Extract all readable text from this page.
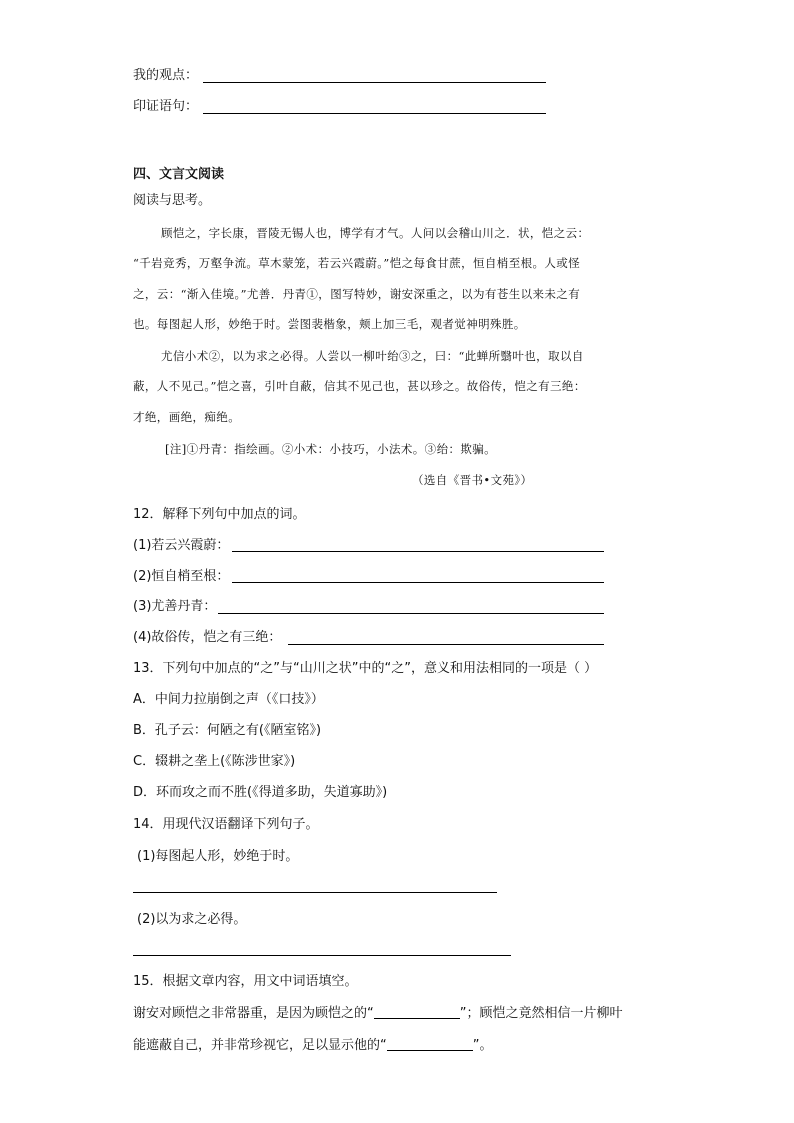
我的观点：
印证语句：
四、文言文阅读
阅读与思考。
顾恺之，字长康，晋陵无锡人也，博学有才气。人问以会稽山川之．状，恺之云：
“千岩竞秀，万壑争流。草木蒙笼，若云兴霞蔚。”恺之每食甘蔗，恒自梢至根。人或怪
之，云：“渐入佳境。”尤善．丹青①，图写特妙，谢安深重之，以为有苍生以来未之有
也。每图起人形，妙绝于时。尝图裴楷象，颊上加三毛，观者觉神明殊胜。
尤信小术②，以为求之必得。人尝以一柳叶绐③之，曰：“此蝉所翳叶也，取以自
蔽，人不见己。”恺之喜，引叶自蔽，信其不见己也，甚以珍之。故俗传，恺之有三绝：
才绝，画绝，痴绝。
[注]①丹青：指绘画。②小术：小技巧，小法术。③绐：欺骗。
（选自《晋书•文苑》）
12．解释下列句中加点的词。
(1)若云兴霞蔚：
(2)恒自梢至根：
(3)尤善丹青：
(4)故俗传，恺之有三绝：
13．下列句中加点的“之”与“山川之状”中的“之”，意义和用法相同的一项是（ ）
A．中间力拉崩倒之声（《口技》）
B．孔子云：何陋之有(《陋室铭》)
C．辍耕之垄上(《陈涉世家》)
D．环而攻之而不胜(《得道多助，失道寡助》)
14．用现代汉语翻译下列句子。
(1)每图起人形，妙绝于时。
(2)以为求之必得。
15．根据文章内容，用文中词语填空。
谢安对顾恺之非常器重，是因为顾恺之的“	”；顾恺之竟然相信一片柳叶
能遮蔽自己，并非常珍视它，足以显示他的“	”。
